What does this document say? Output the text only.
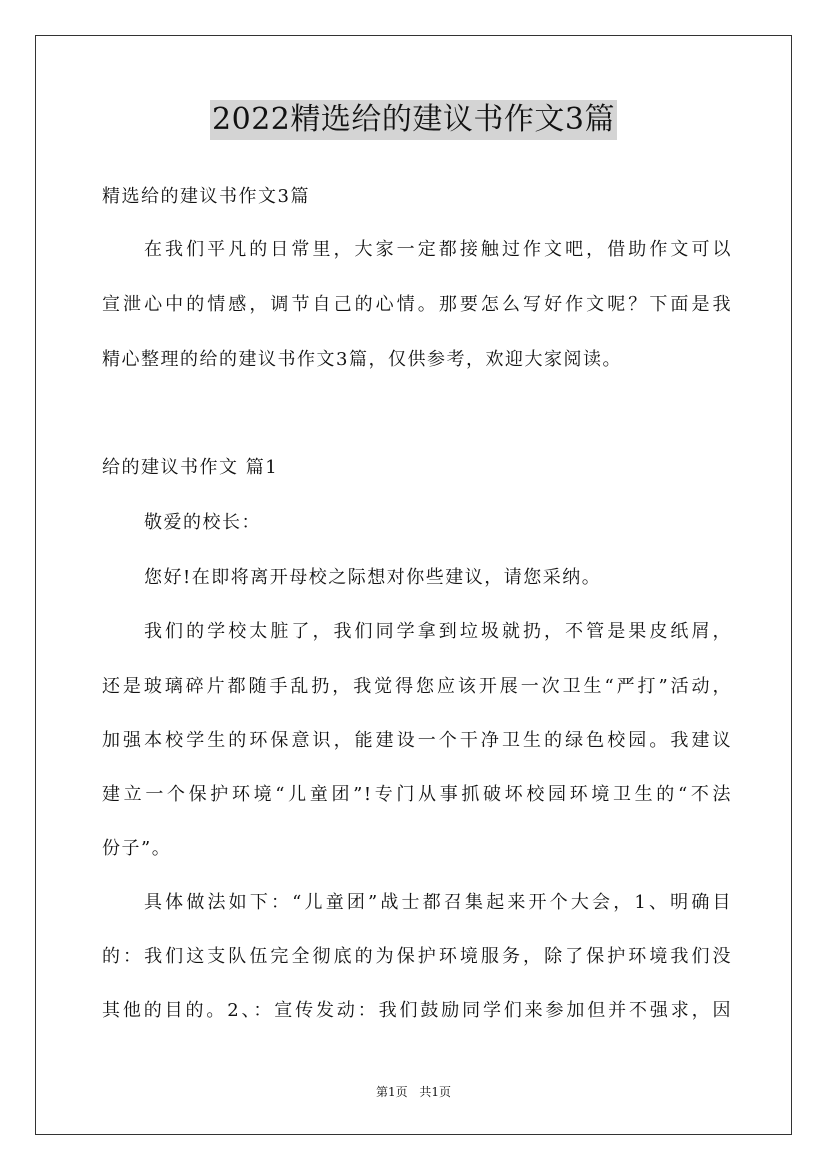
2022精选给的建议书作文3篇
精选给的建议书作文3篇
在我们平凡的日常里，大家一定都接触过作文吧，借助作文可以
宣泄心中的情感，调节自己的心情。那要怎么写好作文呢？下面是我
精心整理的给的建议书作文3篇，仅供参考，欢迎大家阅读。
给的建议书作文 篇1
敬爱的校长：
您好!在即将离开母校之际想对你些建议，请您采纳。
我们的学校太脏了，我们同学拿到垃圾就扔，不管是果皮纸屑，
还是玻璃碎片都随手乱扔，我觉得您应该开展一次卫生“严打”活动，
加强本校学生的环保意识，能建设一个干净卫生的绿色校园。我建议
建立一个保护环境“儿童团”!专门从事抓破坏校园环境卫生的“不法
份子”。
具体做法如下：“儿童团”战士都召集起来开个大会，1、明确目
的：我们这支队伍完全彻底的为保护环境服务，除了保护环境我们没
其他的目的。2、：宣传发动：我们鼓励同学们来参加但并不强求，因
第1页 共1页
